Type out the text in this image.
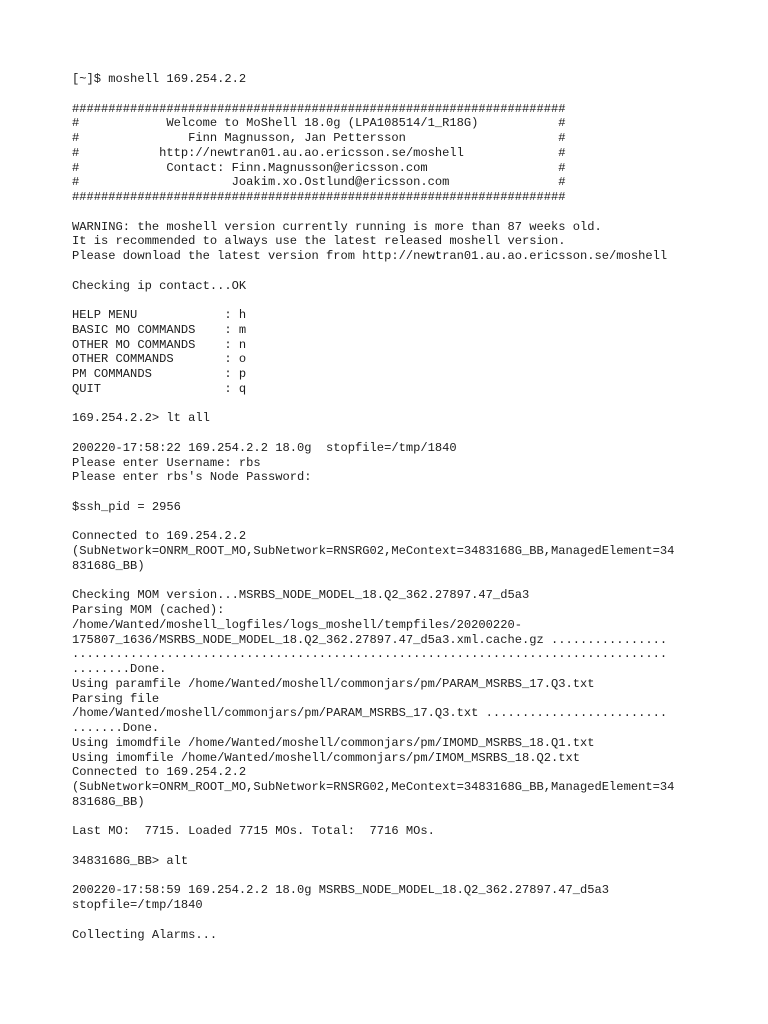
[~]$ moshell 169.254.2.2
####################################################################
#            Welcome to MoShell 18.0g (LPA108514/1_R18G)           #
#               Finn Magnusson, Jan Pettersson                     #
#           http://newtran01.au.ao.ericsson.se/moshell             #
#            Contact: Finn.Magnusson@ericsson.com                  #
#                     Joakim.xo.Ostlund@ericsson.com               #
####################################################################
WARNING: the moshell version currently running is more than 87 weeks old.
It is recommended to always use the latest released moshell version.
Please download the latest version from http://newtran01.au.ao.ericsson.se/moshell
Checking ip contact...OK
HELP MENU            : h
BASIC MO COMMANDS    : m
OTHER MO COMMANDS    : n
OTHER COMMANDS       : o
PM COMMANDS          : p
QUIT                 : q
169.254.2.2> lt all
200220-17:58:22 169.254.2.2 18.0g  stopfile=/tmp/1840
Please enter Username: rbs
Please enter rbs's Node Password:
$ssh_pid = 2956
Connected to 169.254.2.2
(SubNetwork=ONRM_ROOT_MO,SubNetwork=RNSRG02,MeContext=3483168G_BB,ManagedElement=34
83168G_BB)
Checking MOM version...MSRBS_NODE_MODEL_18.Q2_362.27897.47_d5a3
Parsing MOM (cached):
/home/Wanted/moshell_logfiles/logs_moshell/tempfiles/20200220-
175807_1636/MSRBS_NODE_MODEL_18.Q2_362.27897.47_d5a3.xml.cache.gz ................
..................................................................................
........Done.
Using paramfile /home/Wanted/moshell/commonjars/pm/PARAM_MSRBS_17.Q3.txt
Parsing file
/home/Wanted/moshell/commonjars/pm/PARAM_MSRBS_17.Q3.txt .........................
.......Done.
Using imomdfile /home/Wanted/moshell/commonjars/pm/IMOMD_MSRBS_18.Q1.txt
Using imomfile /home/Wanted/moshell/commonjars/pm/IMOM_MSRBS_18.Q2.txt
Connected to 169.254.2.2
(SubNetwork=ONRM_ROOT_MO,SubNetwork=RNSRG02,MeContext=3483168G_BB,ManagedElement=34
83168G_BB)
Last MO:  7715. Loaded 7715 MOs. Total:  7716 MOs.
3483168G_BB> alt
200220-17:58:59 169.254.2.2 18.0g MSRBS_NODE_MODEL_18.Q2_362.27897.47_d5a3
stopfile=/tmp/1840
Collecting Alarms...
